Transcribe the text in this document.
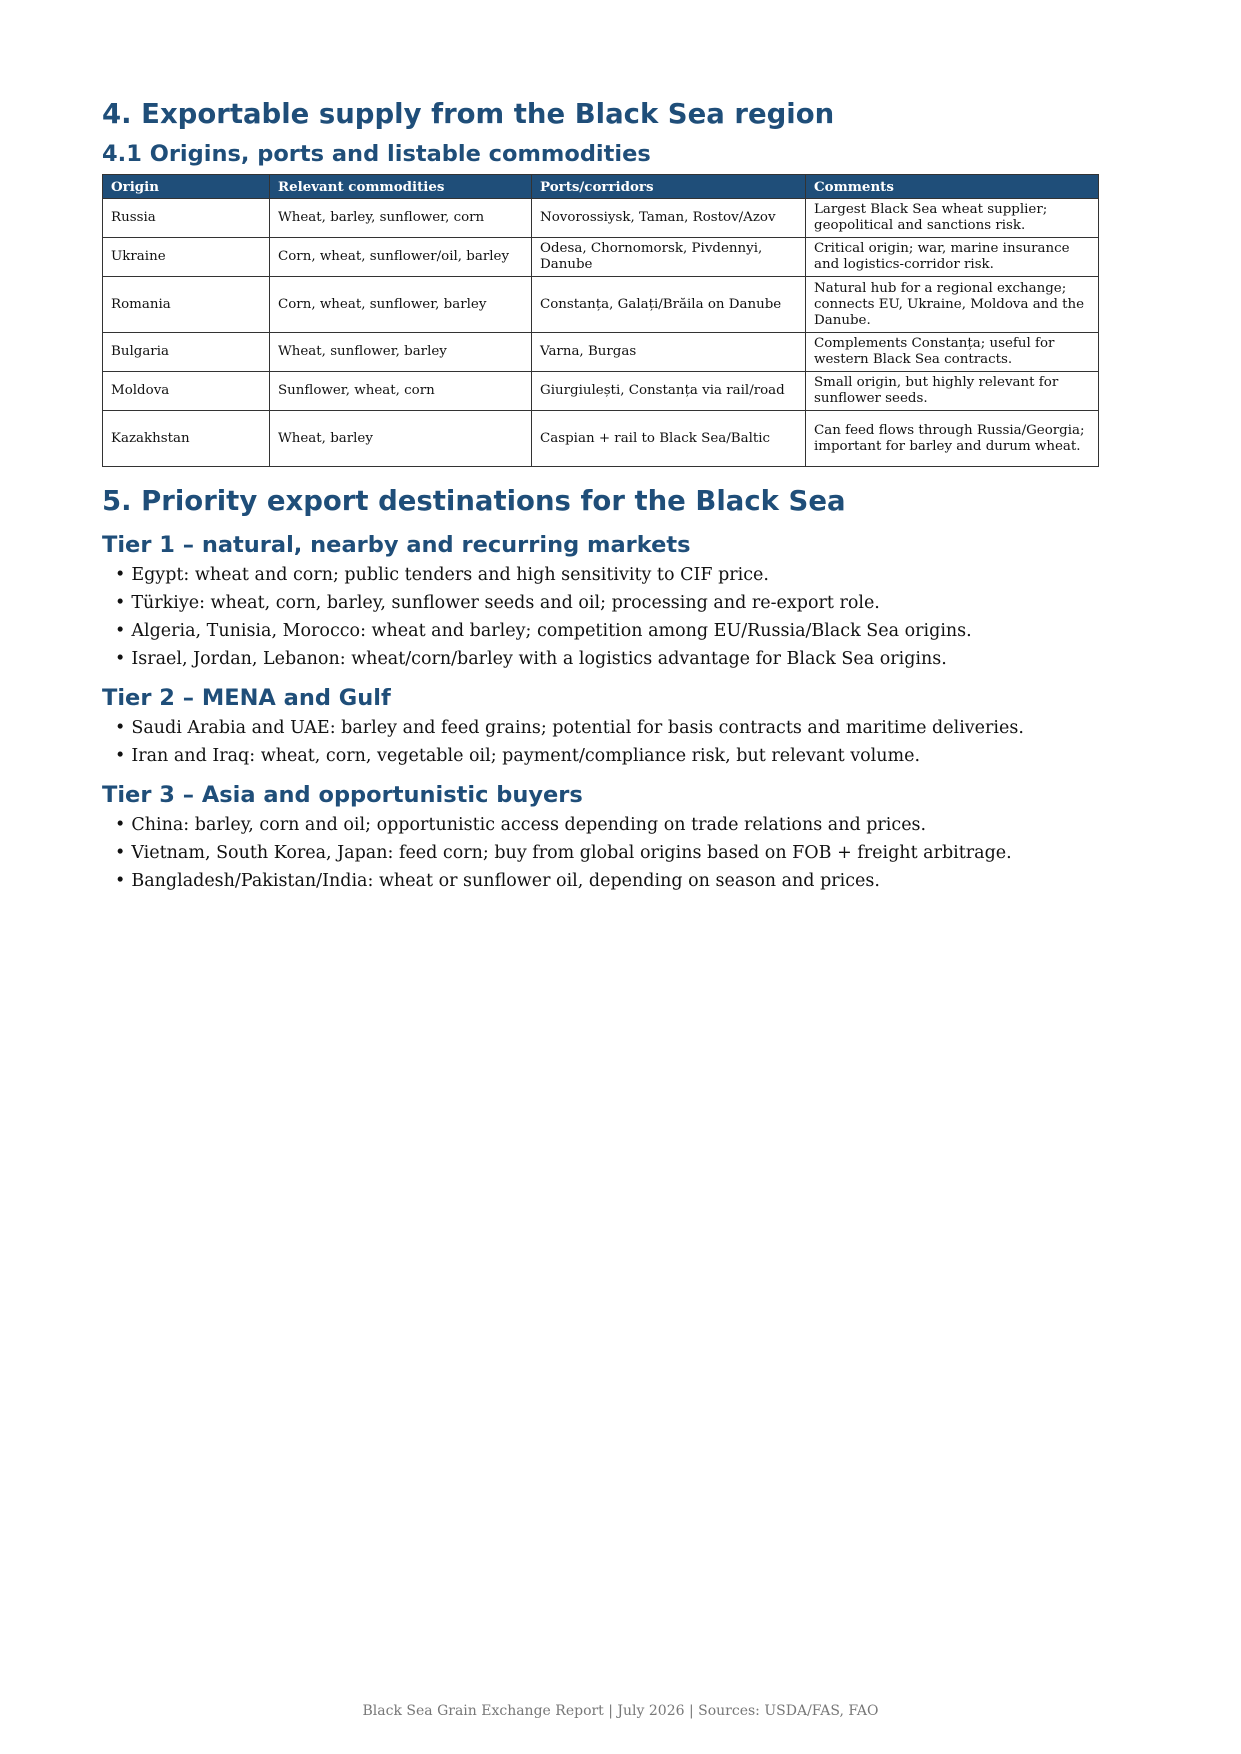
4. Exportable supply from the Black Sea region
4.1 Origins, ports and listable commodities
Origin	Relevant commodities	Ports/corridors	Comments
Russia	Wheat, barley, sunflower, corn	Novorossiysk, Taman, Rostov/Azov	Largest Black Sea wheat supplier; geopolitical and sanctions risk.
Ukraine	Corn, wheat, sunflower/oil, barley	Odesa, Chornomorsk, Pivdennyi, Danube	Critical origin; war, marine insurance and logistics-corridor risk.
Romania	Corn, wheat, sunflower, barley	Constanța, Galați/Brăila on Danube	Natural hub for a regional exchange; connects EU, Ukraine, Moldova and the Danube.
Bulgaria	Wheat, sunflower, barley	Varna, Burgas	Complements Constanța; useful for western Black Sea contracts.
Moldova	Sunflower, wheat, corn	Giurgiulești, Constanța via rail/road	Small origin, but highly relevant for sunflower seeds.
Kazakhstan	Wheat, barley	Caspian + rail to Black Sea/Baltic	Can feed flows through Russia/Georgia; important for barley and durum wheat.
5. Priority export destinations for the Black Sea
Tier 1 – natural, nearby and recurring markets
• Egypt: wheat and corn; public tenders and high sensitivity to CIF price.
• Türkiye: wheat, corn, barley, sunflower seeds and oil; processing and re-export role.
• Algeria, Tunisia, Morocco: wheat and barley; competition among EU/Russia/Black Sea origins.
• Israel, Jordan, Lebanon: wheat/corn/barley with a logistics advantage for Black Sea origins.
Tier 2 – MENA and Gulf
• Saudi Arabia and UAE: barley and feed grains; potential for basis contracts and maritime deliveries.
• Iran and Iraq: wheat, corn, vegetable oil; payment/compliance risk, but relevant volume.
Tier 3 – Asia and opportunistic buyers
• China: barley, corn and oil; opportunistic access depending on trade relations and prices.
• Vietnam, South Korea, Japan: feed corn; buy from global origins based on FOB + freight arbitrage.
• Bangladesh/Pakistan/India: wheat or sunflower oil, depending on season and prices.
Black Sea Grain Exchange Report | July 2026 | Sources: USDA/FAS, FAO
